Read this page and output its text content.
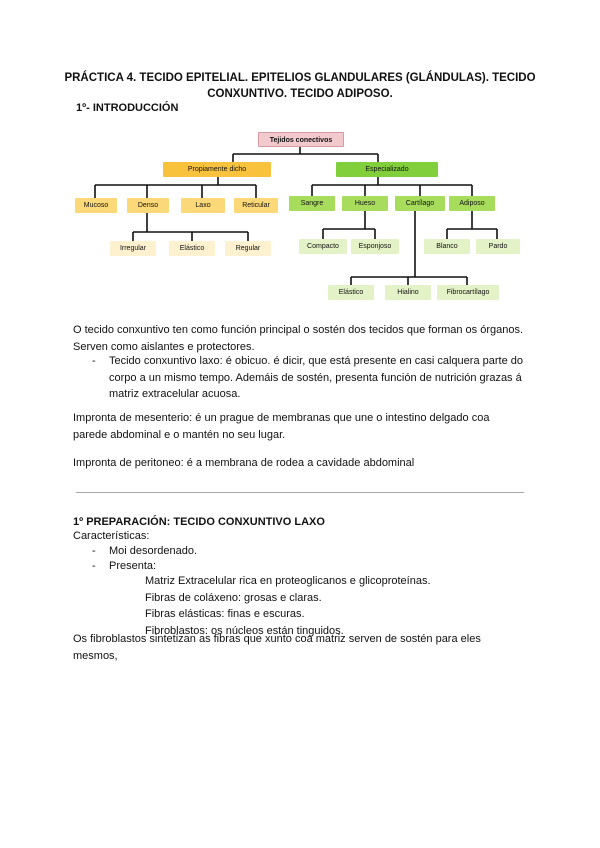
PRÁCTICA 4. TECIDO EPITELIAL. EPITELIOS GLANDULARES (GLÁNDULAS). TECIDO
CONXUNTIVO. TECIDO ADIPOSO.
1º- INTRODUCCIÓN
Tejidos conectivos
Propiamente dicho	Especializado
Mucoso	Denso	Laxo	Reticular
Irregular	Elástico	Regular
Sangre	Hueso	Cartílago	Adiposo
Compacto	Esponjoso	Blanco	Pardo
Elástico	Hialino	Fibrocartílago
O tecido conxuntivo ten como función principal o sostén dos tecidos que forman os órganos.
Serven como aislantes e protectores.
- Tecido conxuntivo laxo: é obicuo. é dicir, que está presente en casi calquera parte do
corpo a un mismo tempo. Ademáis de sostén, presenta función de nutrición grazas á
matriz extracelular acuosa.
Impronta de mesenterio: é un prague de membranas que une o intestino delgado coa
parede abdominal e o mantén no seu lugar.
Impronta de peritoneo: é a membrana de rodea a cavidade abdominal
1º PREPARACIÓN: TECIDO CONXUNTIVO LAXO
Características:
- Moi desordenado.
- Presenta:
Matriz Extracelular rica en proteoglicanos e glicoproteínas.
Fibras de coláxeno: grosas e claras.
Fibras elásticas: finas e escuras.
Fibroblastos: os núcleos están tinguidos.
Os fibroblastos sintetizan as fibras que xunto coa matriz serven de sostén para eles
mesmos,
